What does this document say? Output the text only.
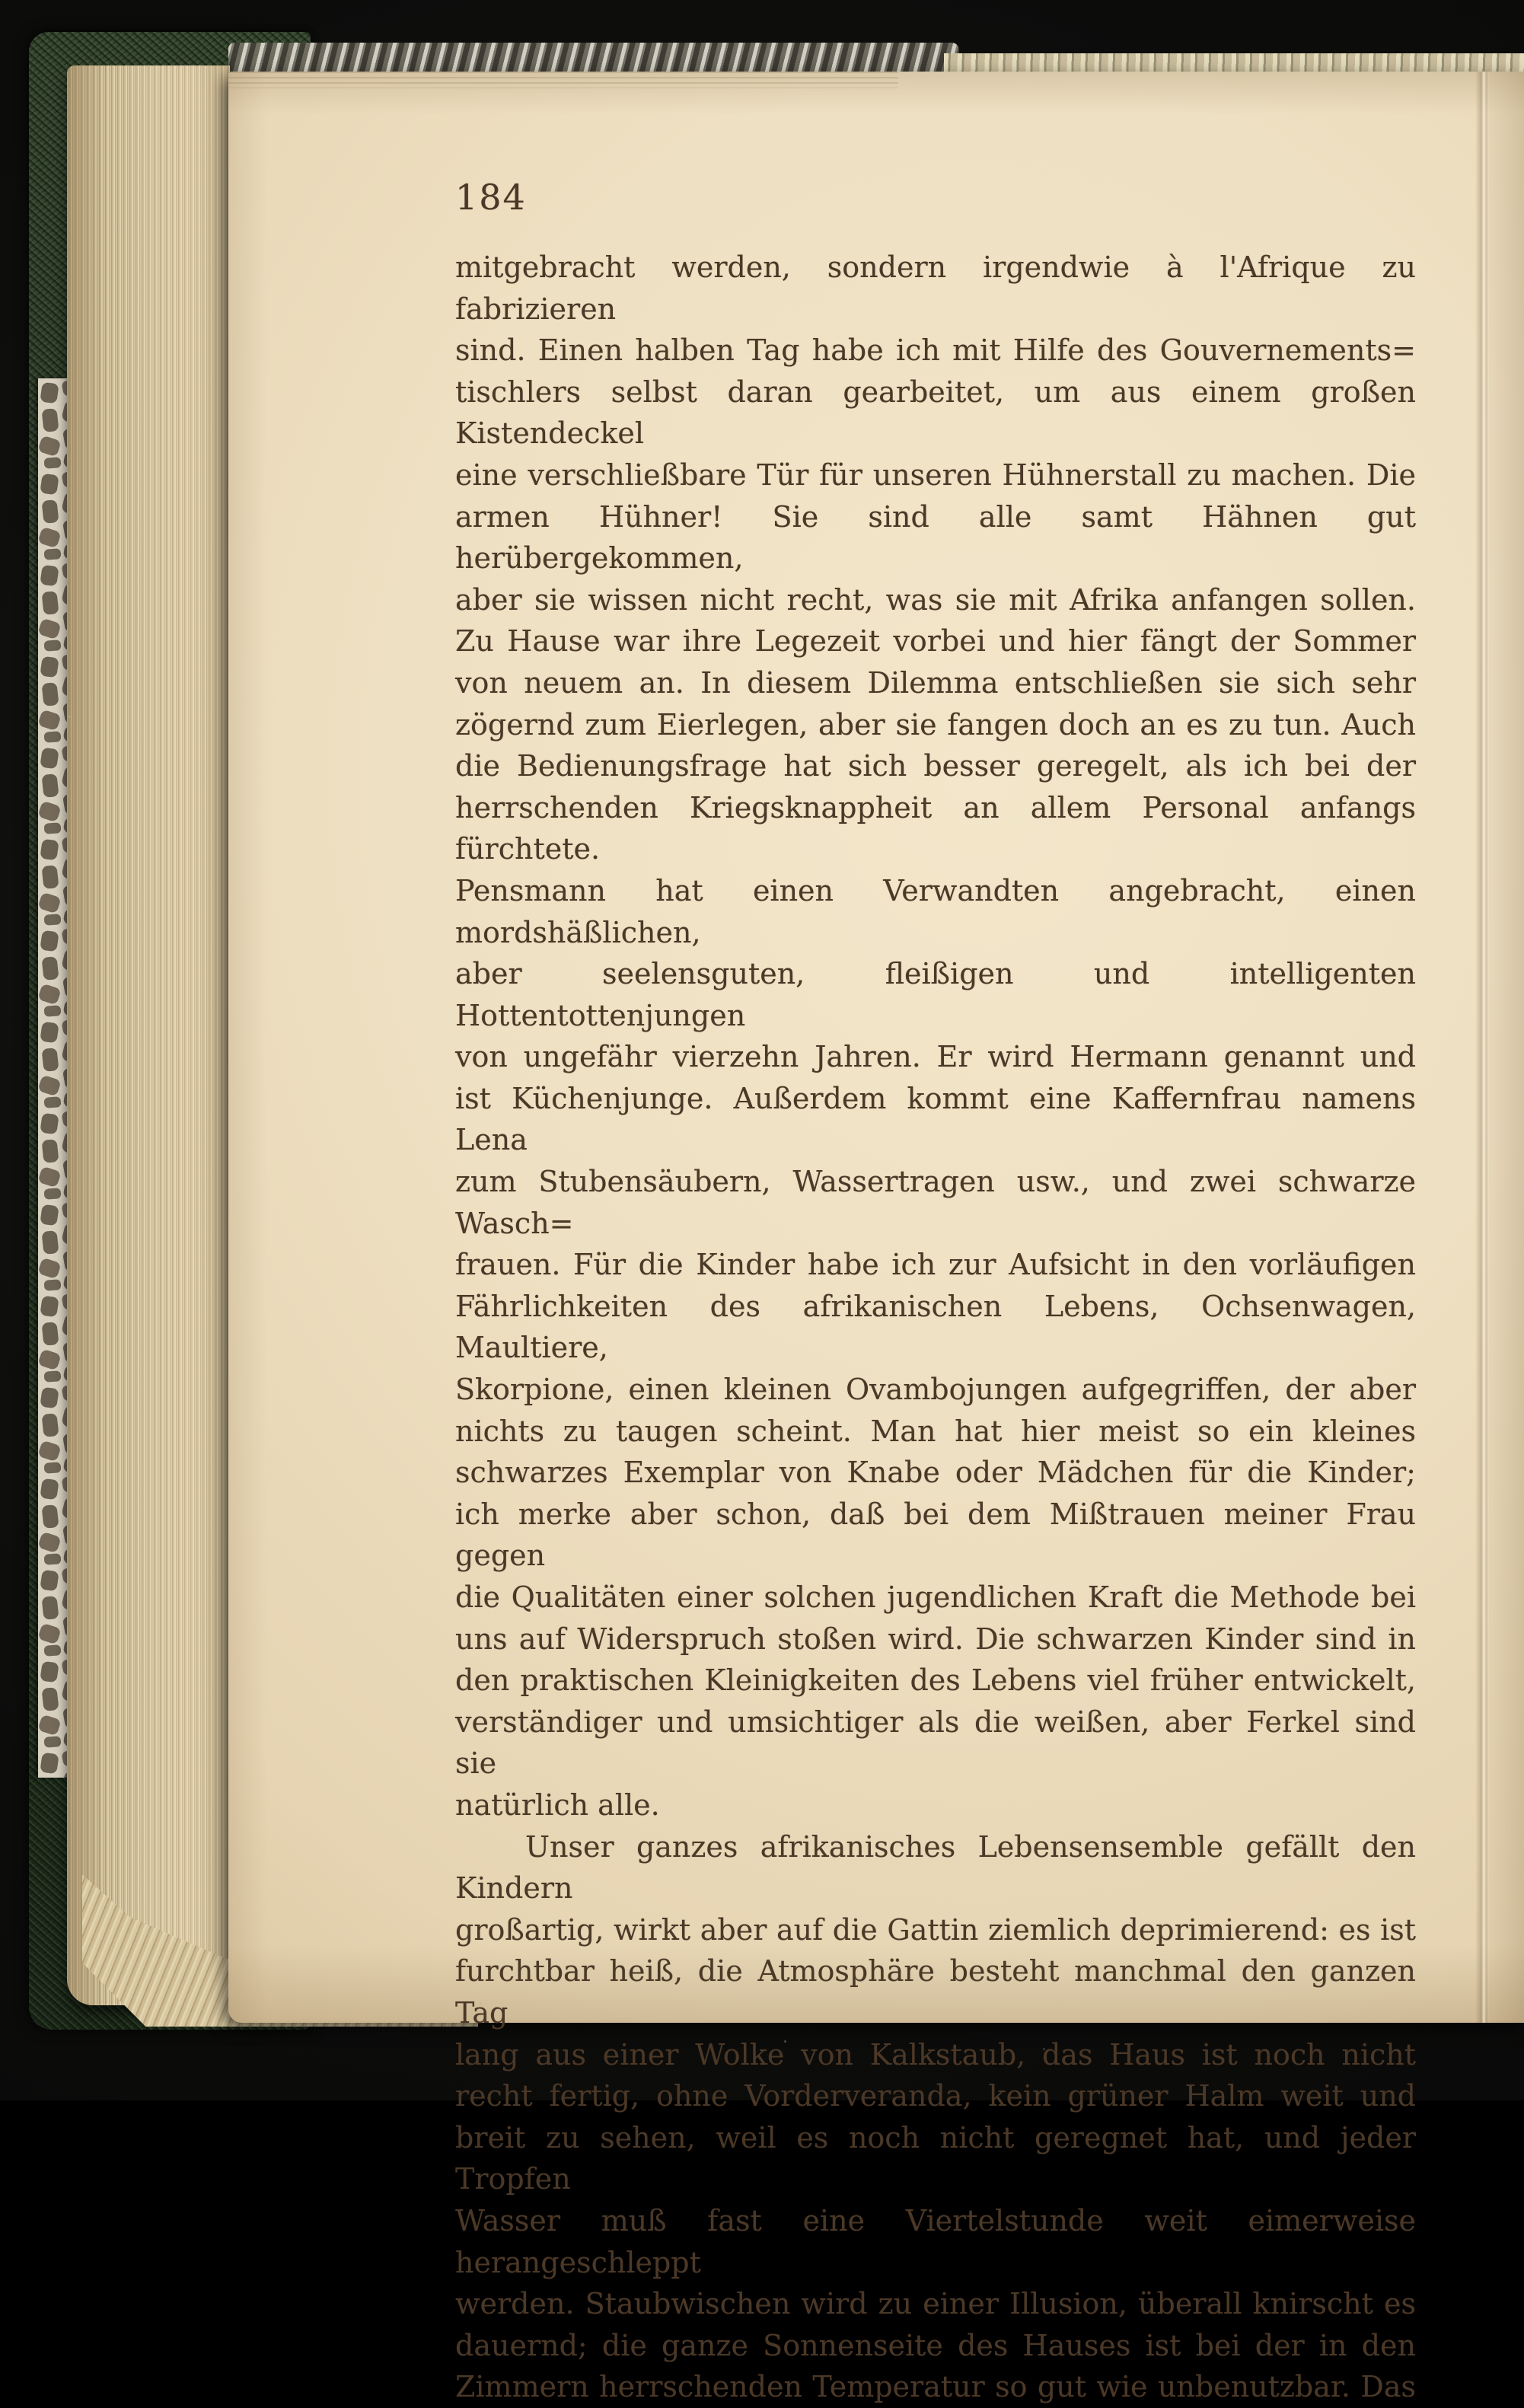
184
mitgebracht werden, sondern irgendwie à l'Afrique zu fabrizieren
sind. Einen halben Tag habe ich mit Hilfe des Gouvernements=
tischlers selbst daran gearbeitet, um aus einem großen Kistendeckel
eine verschließbare Tür für unseren Hühnerstall zu machen. Die
armen Hühner! Sie sind alle samt Hähnen gut herübergekommen,
aber sie wissen nicht recht, was sie mit Afrika anfangen sollen.
Zu Hause war ihre Legezeit vorbei und hier fängt der Sommer
von neuem an. In diesem Dilemma entschließen sie sich sehr
zögernd zum Eierlegen, aber sie fangen doch an es zu tun. Auch
die Bedienungsfrage hat sich besser geregelt, als ich bei der
herrschenden Kriegsknappheit an allem Personal anfangs fürchtete.
Pensmann hat einen Verwandten angebracht, einen mordshäßlichen,
aber seelensguten, fleißigen und intelligenten Hottentottenjungen
von ungefähr vierzehn Jahren. Er wird Hermann genannt und
ist Küchenjunge. Außerdem kommt eine Kaffernfrau namens Lena
zum Stubensäubern, Wassertragen usw., und zwei schwarze Wasch=
frauen. Für die Kinder habe ich zur Aufsicht in den vorläufigen
Fährlichkeiten des afrikanischen Lebens, Ochsenwagen, Maultiere,
Skorpione, einen kleinen Ovambojungen aufgegriffen, der aber
nichts zu taugen scheint. Man hat hier meist so ein kleines
schwarzes Exemplar von Knabe oder Mädchen für die Kinder;
ich merke aber schon, daß bei dem Mißtrauen meiner Frau gegen
die Qualitäten einer solchen jugendlichen Kraft die Methode bei
uns auf Widerspruch stoßen wird. Die schwarzen Kinder sind in
den praktischen Kleinigkeiten des Lebens viel früher entwickelt,
verständiger und umsichtiger als die weißen, aber Ferkel sind sie
natürlich alle.
Unser ganzes afrikanisches Lebensensemble gefällt den Kindern
großartig, wirkt aber auf die Gattin ziemlich deprimierend: es ist
furchtbar heiß, die Atmosphäre besteht manchmal den ganzen Tag
lang aus einer Wolke von Kalkstaub, das Haus ist noch nicht
recht fertig, ohne Vorderveranda, kein grüner Halm weit und
breit zu sehen, weil es noch nicht geregnet hat, und jeder Tropfen
Wasser muß fast eine Viertelstunde weit eimerweise herangeschleppt
werden. Staubwischen wird zu einer Illusion, überall knirscht es
dauernd; die ganze Sonnenseite des Hauses ist bei der in den
Zimmern herrschenden Temperatur so gut wie unbenutzbar. Das
